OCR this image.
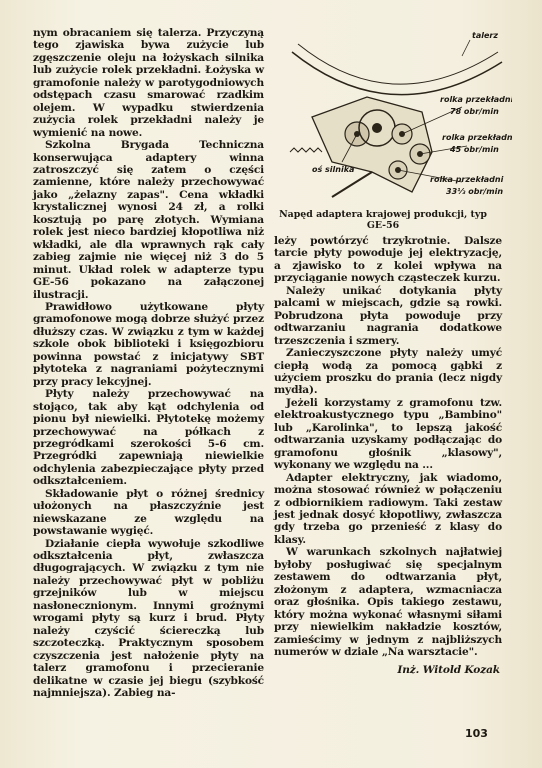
nym obracaniem się talerza. Przyczyną tego zjawiska bywa zużycie lub zgęszczenie oleju na łożyskach silnika lub zużycie rolek przekładni. Łożyska w gramofonie należy w parotygodniowych odstępach czasu smarować rzadkim olejem. W wypadku stwierdzenia zużycia rolek przekładni należy je wymienić na nowe.

Szkolna Brygada Techniczna konserwująca adaptery winna zatroszczyć się zatem o części zamienne, które należy przechowywać jako „żelazny zapas". Cena wkładki krystalicznej wynosi 24 zł, a rolki kosztują po parę złotych. Wymiana rolek jest nieco bardziej kłopotliwa niż wkładki, ale dla wprawnych rąk cały zabieg zajmie nie więcej niż 3 do 5 minut. Układ rolek w adapterze typu GE-56 pokazano na załączonej ilustracji.

Prawidłowo użytkowane płyty gramofonowe mogą dobrze służyć przez dłuższy czas. W związku z tym w każdej szkole obok biblioteki i księgozbioru powinna powstać z inicjatywy SBT płytoteka z nagraniami pożytecznymi przy pracy lekcyjnej.

Płyty należy przechowywać na stojąco, tak aby kąt odchylenia od pionu był niewielki. Płytotekę możemy przechowywać na półkach z przegródkami szerokości 5-6 cm. Przegródki zapewniają niewielkie odchylenia zabezpieczające płyty przed odkształceniem.

Składowanie płyt o różnej średnicy ułożonych na płaszczyźnie jest niewskazane ze względu na powstawanie wygięć.

Działanie ciepła wywołuje szkodliwe odkształcenia płyt, zwłaszcza długogrających. W związku z tym nie należy przechowywać płyt w pobliżu grzejników lub w miejscu nasłonecznionym. Innymi groźnymi wrogami płyty są kurz i brud. Płyty należy czyścić ściereczką lub szczoteczką. Praktycznym sposobem czyszczenia jest nałożenie płyty na talerz gramofonu i przecieranie delikatne w czasie jej biegu (szybkość najmniejsza). Zabieg na-

talerz
rolka przekładni
78 obr/min
rolka przekładni
45 obr/min
oś silnika
rolka przekładni
33⅓ obr/min
Napęd adaptera krajowej produkcji, typ GE-56

leży powtórzyć trzykrotnie. Dalsze tarcie płyty powoduje jej elektryzację, a zjawisko to z kolei wpływa na przyciąganie nowych cząsteczek kurzu.

Należy unikać dotykania płyty palcami w miejscach, gdzie są rowki. Pobrudzona płyta powoduje przy odtwarzaniu nagrania dodatkowe trzeszczenia i szmery.

Zanieczyszczone płyty należy umyć ciepłą wodą za pomocą gąbki z użyciem proszku do prania (lecz nigdy mydła).

Jeżeli korzystamy z gramofonu tzw. elektroakustycznego typu „Bambino" lub „Karolinka", to lepszą jakość odtwarzania uzyskamy podłączając do gramofonu głośnik „klasowy", wykonany we względu na ...

Adapter elektryczny, jak wiadomo, można stosować również w połączeniu z odbiornikiem radiowym. Taki zestaw jest jednak dosyć kłopotliwy, zwłaszcza gdy trzeba go przenieść z klasy do klasy.

W warunkach szkolnych najłatwiej byłoby posługiwać się specjalnym zestawem do odtwarzania płyt, złożonym z adaptera, wzmacniacza oraz głośnika. Opis takiego zestawu, który można wykonać własnymi siłami przy niewielkim nakładzie kosztów, zamieścimy w jednym z najbliższych numerów w dziale „Na warsztacie".

Inż. Witold Kozak

103
